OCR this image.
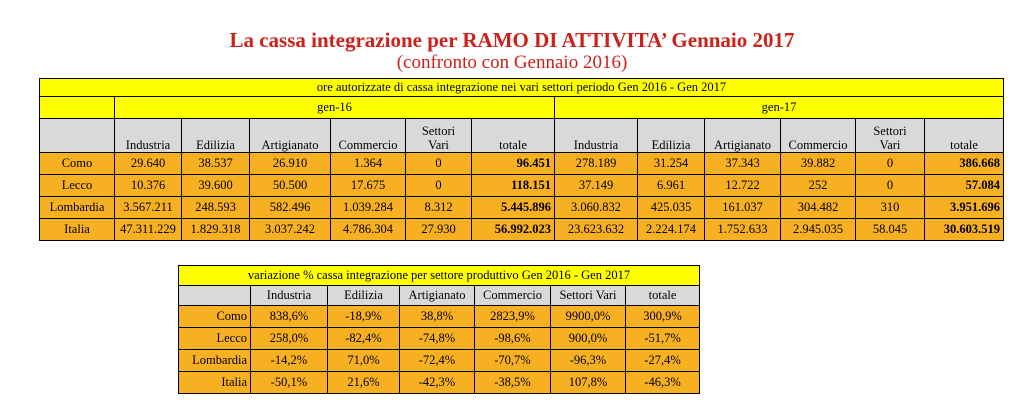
La cassa integrazione per RAMO DI ATTIVITA’ Gennaio 2017
(confronto con Gennaio 2016)
ore autorizzate di cassa integrazione nei vari settori periodo Gen 2016 - Gen 2017												
	gen-16						gen-17					
	Industria	Edilizia	Artigianato	Commercio	Settori Vari	totale	Industria	Edilizia	Artigianato	Commercio	Settori Vari	totale
Como	29.640	38.537	26.910	1.364	0	96.451	278.189	31.254	37.343	39.882	0	386.668
Lecco	10.376	39.600	50.500	17.675	0	118.151	37.149	6.961	12.722	252	0	57.084
Lombardia	3.567.211	248.593	582.496	1.039.284	8.312	5.445.896	3.060.832	425.035	161.037	304.482	310	3.951.696
Italia	47.311.229	1.829.318	3.037.242	4.786.304	27.930	56.992.023	23.623.632	2.224.174	1.752.633	2.945.035	58.045	30.603.519
variazione % cassa integrazione per settore produttivo Gen 2016 - Gen 2017						
	Industria	Edilizia	Artigianato	Commercio	Settori Vari	totale
Como	838,6%	-18,9%	38,8%	2823,9%	9900,0%	300,9%
Lecco	258,0%	-82,4%	-74,8%	-98,6%	900,0%	-51,7%
Lombardia	-14,2%	71,0%	-72,4%	-70,7%	-96,3%	-27,4%
Italia	-50,1%	21,6%	-42,3%	-38,5%	107,8%	-46,3%
